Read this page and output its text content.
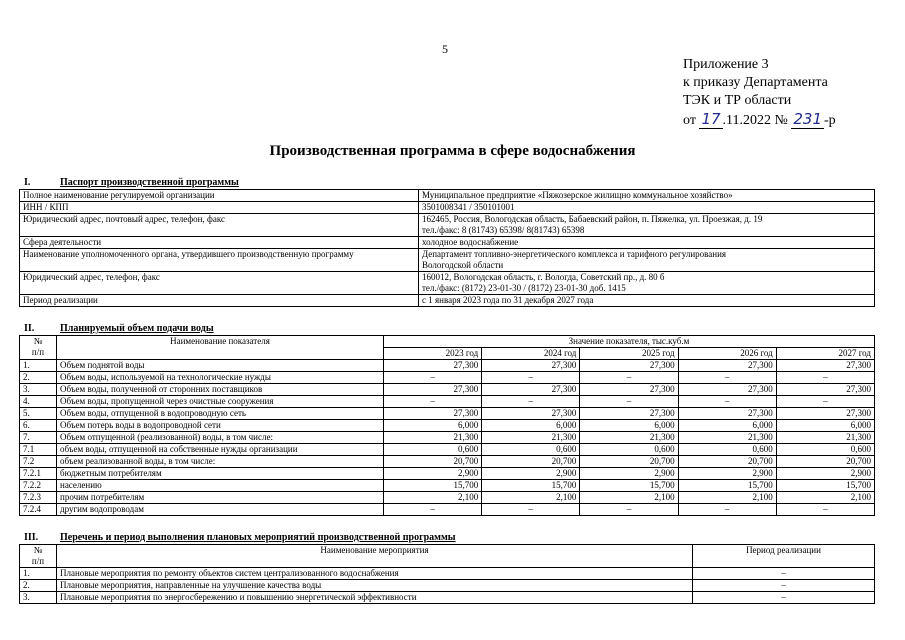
5
Приложение 3
к приказу Департамента
ТЭК и ТР области
от 17 .11.2022 № 231 -р
Производственная программа в сфере водоснабжения
I.	Паспорт производственной программы
Полное наименование регулируемой организации	Муниципальное предприятие «Пяжозерское жилищно коммунальное хозяйство»

ИНН / КПП	3501008341 / 350101001

Юридический адрес, почтовый адрес, телефон, факс	162465, Россия, Вологодская область, Бабаевский район, п. Пяжелка, ул. Проезжая, д. 19
тел./факс: 8 (81743) 65398/ 8(81743) 65398

Сфера деятельности	холодное водоснабжение

Наименование уполномоченного органа, утвердившего производственную программу	Департамент топливно-энергетического комплекса и тарифного регулирования
Вологодской области

Юридический адрес, телефон, факс	160012, Вологодская область, г. Вологда, Советский пр., д. 80 б
тел./факс: (8172) 23-01-30 / (8172) 23-01-30 доб. 1415

Период реализации	с 1 января 2023 года по 31 декабря 2027 года
II.	Планируемый объем подачи воды
№
п/п	Наименование показателя	Значение показателя, тыс.куб.м				
		2023 год	2024 год	2025 год	2026 год	2027 год
1.	Объем поднятой воды	27,300	27,300	27,300	27,300	27,300
2.	Объем воды, используемой на технологические нужды	–	–	–	–	–
3.	Объем воды, полученной от сторонних поставщиков	27,300	27,300	27,300	27,300	27,300
4.	Объем воды, пропущенной через очистные сооружения	–	–	–	–	–
5.	Объем воды, отпущенной в водопроводную сеть	27,300	27,300	27,300	27,300	27,300
6.	Объем потерь воды в водопроводной сети	6,000	6,000	6,000	6,000	6,000
7.	Объем отпущенной (реализованной) воды, в том числе:	21,300	21,300	21,300	21,300	21,300
7.1	объем воды, отпущенной на собственные нужды организации	0,600	0,600	0,600	0,600	0,600
7.2	объем реализованной воды, в том числе:	20,700	20,700	20,700	20,700	20,700
7.2.1	бюджетным потребителям	2,900	2,900	2,900	2,900	2,900
7.2.2	населению	15,700	15,700	15,700	15,700	15,700
7.2.3	прочим потребителям	2,100	2,100	2,100	2,100	2,100
7.2.4	другим водопроводам	–	–	–	–	–
III. Перечень и период выполнения плановых мероприятий производственной программы
№
п/п	Наименование мероприятия	Период реализации
1.	Плановые мероприятия по ремонту объектов систем централизованного водоснабжения	–
2.	Плановые мероприятия, направленные на улучшение качества воды	–
3.	Плановые мероприятия по энергосбережению и повышению энергетической эффективности	–
